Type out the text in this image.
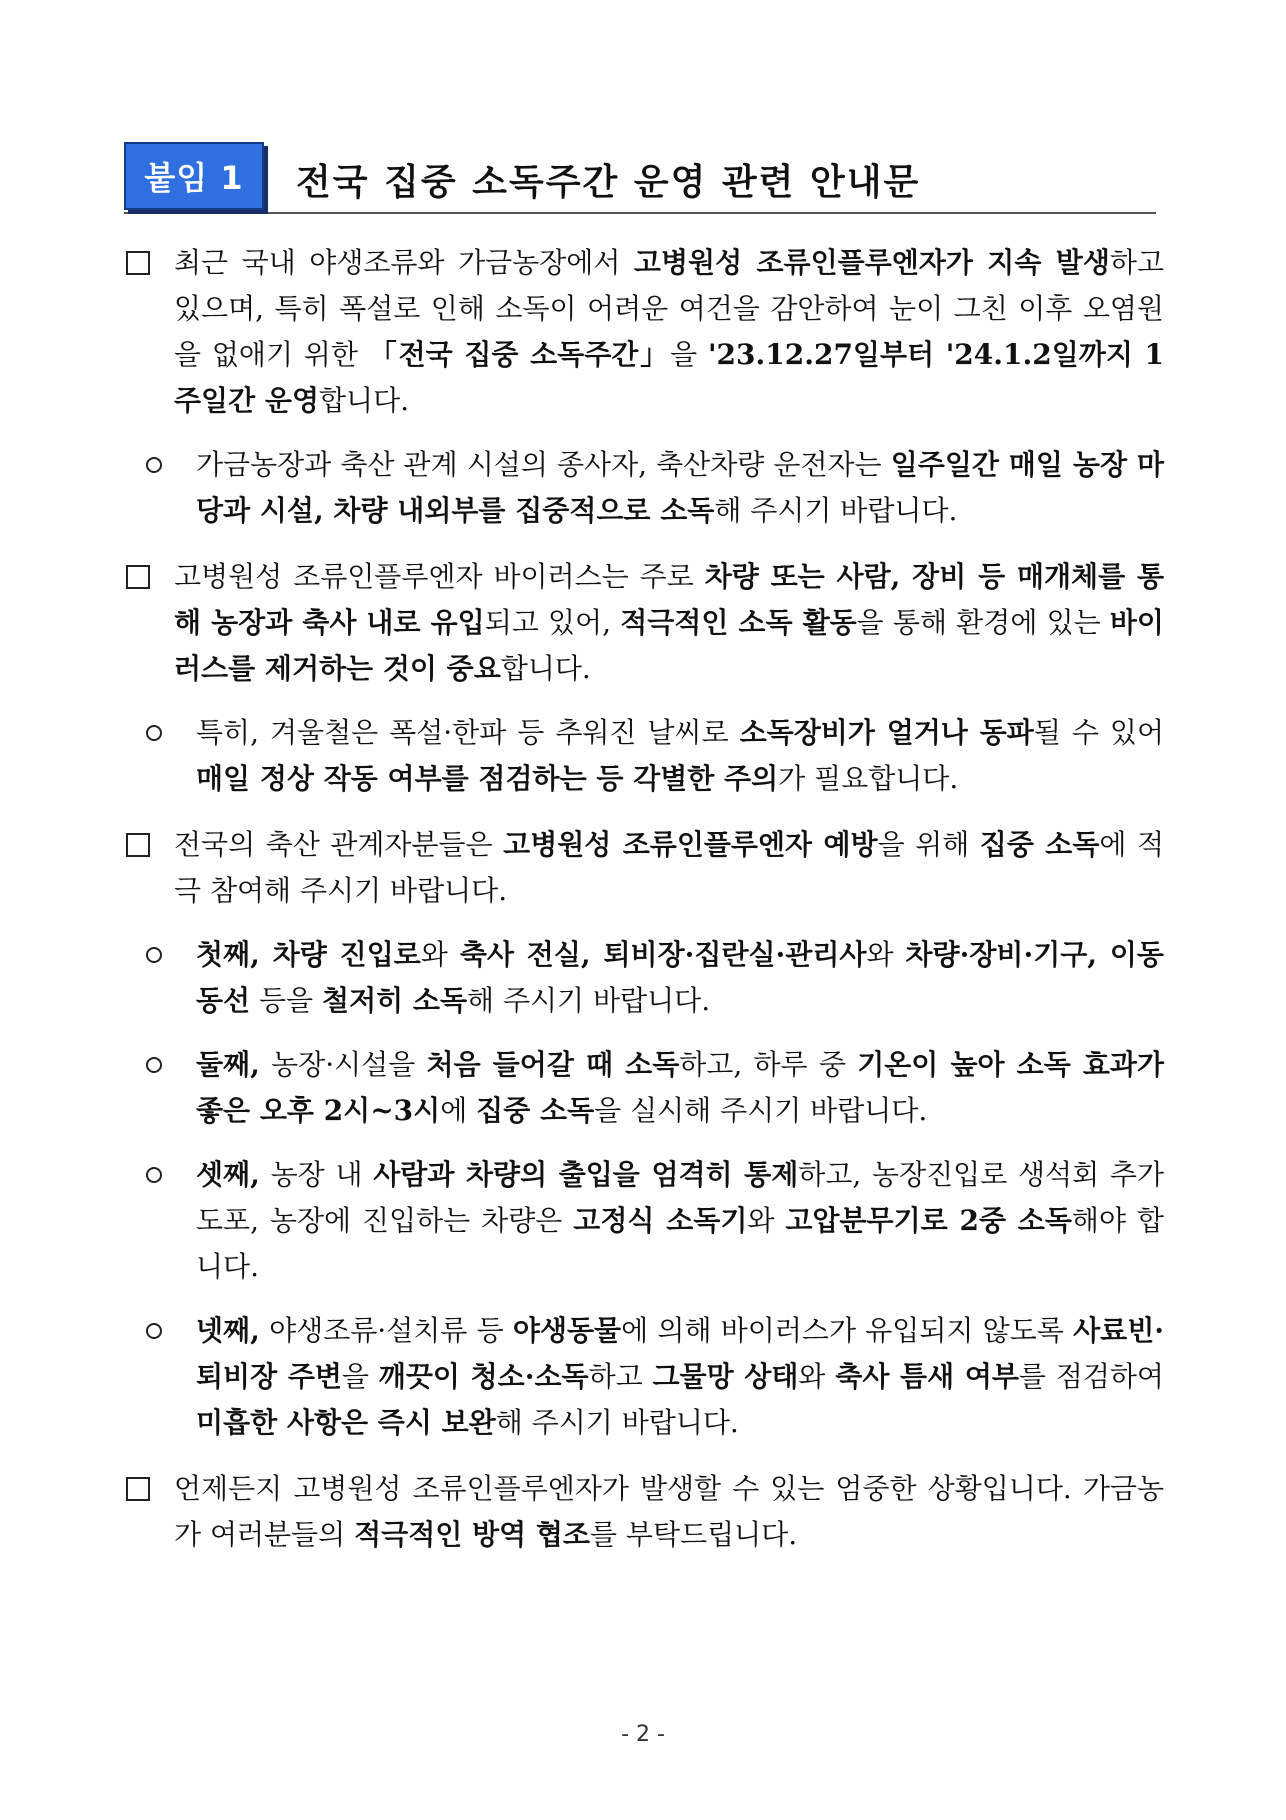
붙임 1	전국 집중 소독주간 운영 관련 안내문
최근 국내 야생조류와 가금농장에서 고병원성 조류인플루엔자가 지속 발생하고 있으며, 특히 폭설로 인해 소독이 어려운 여건을 감안하여 눈이 그친 이후 오염원을 없애기 위한 「전국 집중 소독주간」을 '23.12.27일부터 '24.1.2일까지 1주일간 운영합니다.
가금농장과 축산 관계 시설의 종사자, 축산차량 운전자는 일주일간 매일 농장 마당과 시설, 차량 내외부를 집중적으로 소독해 주시기 바랍니다.
고병원성 조류인플루엔자 바이러스는 주로 차량 또는 사람, 장비 등 매개체를 통해 농장과 축사 내로 유입되고 있어, 적극적인 소독 활동을 통해 환경에 있는 바이러스를 제거하는 것이 중요합니다.
특히, 겨울철은 폭설·한파 등 추워진 날씨로 소독장비가 얼거나 동파될 수 있어 매일 정상 작동 여부를 점검하는 등 각별한 주의가 필요합니다.
전국의 축산 관계자분들은 고병원성 조류인플루엔자 예방을 위해 집중 소독에 적극 참여해 주시기 바랍니다.
첫째, 차량 진입로와 축사 전실, 퇴비장·집란실·관리사와 차량·장비·기구, 이동동선 등을 철저히 소독해 주시기 바랍니다.
둘째, 농장·시설을 처음 들어갈 때 소독하고, 하루 중 기온이 높아 소독 효과가 좋은 오후 2시~3시에 집중 소독을 실시해 주시기 바랍니다.
셋째, 농장 내 사람과 차량의 출입을 엄격히 통제하고, 농장진입로 생석회 추가 도포, 농장에 진입하는 차량은 고정식 소독기와 고압분무기로 2중 소독해야 합니다.
넷째, 야생조류·설치류 등 야생동물에 의해 바이러스가 유입되지 않도록 사료빈·퇴비장 주변을 깨끗이 청소·소독하고 그물망 상태와 축사 틈새 여부를 점검하여 미흡한 사항은 즉시 보완해 주시기 바랍니다.
언제든지 고병원성 조류인플루엔자가 발생할 수 있는 엄중한 상황입니다. 가금농가 여러분들의 적극적인 방역 협조를 부탁드립니다.
- 2 -
